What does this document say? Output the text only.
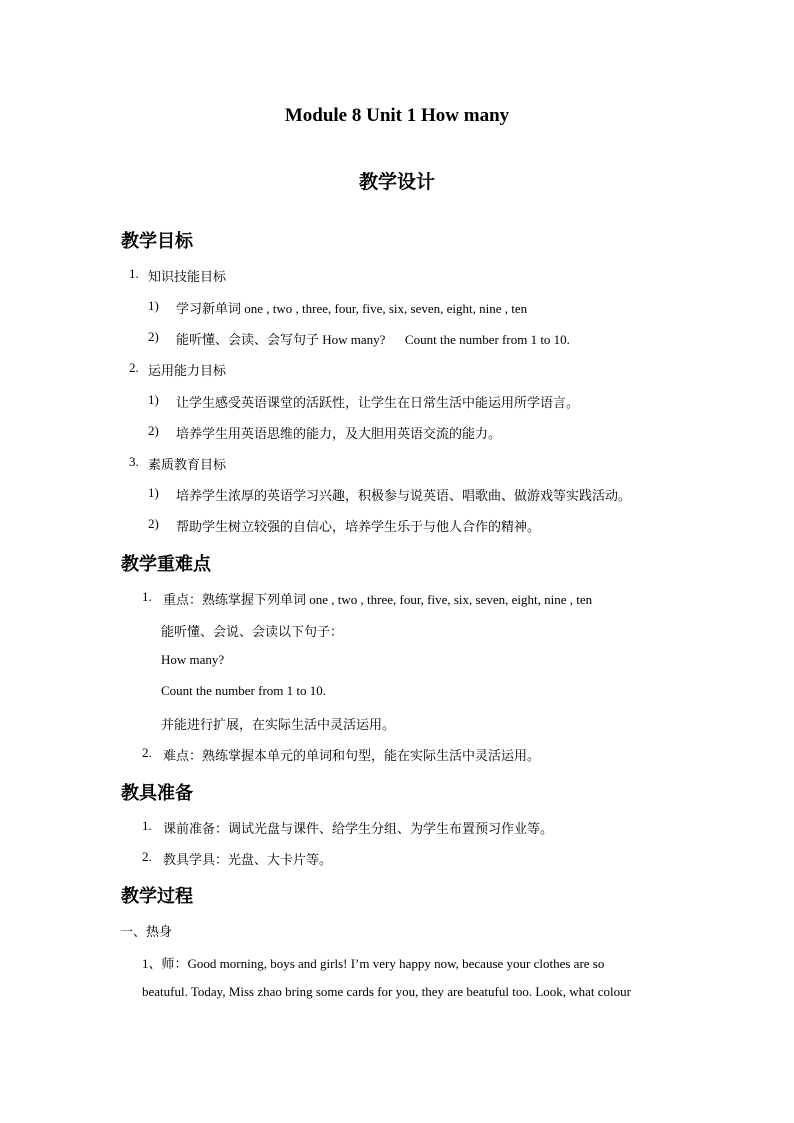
Module 8 Unit 1 How many
教学设计
教学目标
1. 知识技能目标
1) 学习新单词 one , two , three, four, five, six, seven, eight, nine , ten
2) 能听懂、会读、会写句子 How many?      Count the number from 1 to 10.
2. 运用能力目标
1) 让学生感受英语课堂的活跃性，让学生在日常生活中能运用所学语言。
2) 培养学生用英语思维的能力，及大胆用英语交流的能力。
3. 素质教育目标
1) 培养学生浓厚的英语学习兴趣，积极参与说英语、唱歌曲、做游戏等实践活动。
2) 帮助学生树立较强的自信心，培养学生乐于与他人合作的精神。
教学重难点
1. 重点：熟练掌握下列单词 one , two , three, four, five, six, seven, eight, nine , ten
能听懂、会说、会读以下句子：
How many?
Count the number from 1 to 10.
并能进行扩展，在实际生活中灵活运用。
2. 难点：熟练掌握本单元的单词和句型，能在实际生活中灵活运用。
教具准备
1. 课前准备：调试光盘与课件、给学生分组、为学生布置预习作业等。
2. 教具学具：光盘、大卡片等。
教学过程
一、热身
1、师：Good morning, boys and girls! I’m very happy now, because your clothes are so
beatuful. Today, Miss zhao bring some cards for you, they are beatuful too. Look, what colour
